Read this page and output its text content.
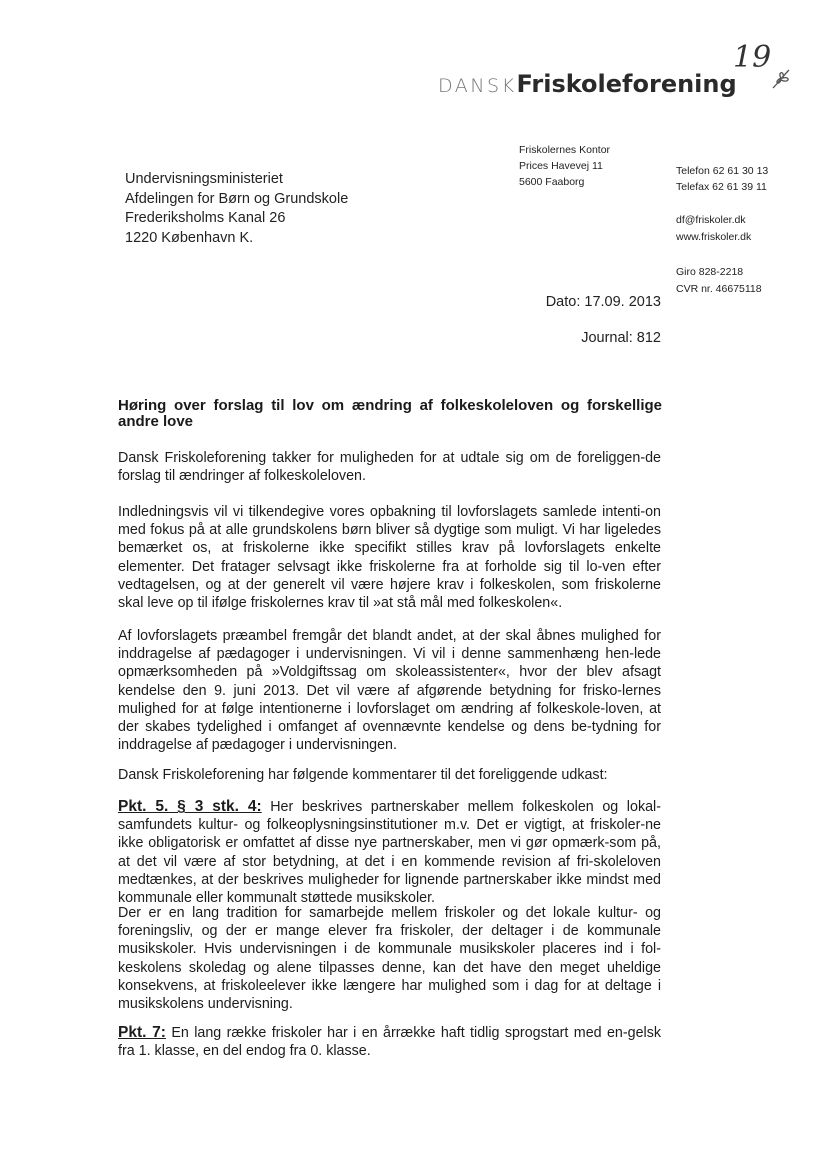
19
DANSKFriskoleforening
Friskolernes Kontor
Prices Havevej 11
5600 Faaborg
Telefon 62 61 30 13
Telefax 62 61 39 11
df@friskoler.dk
www.friskoler.dk
Giro 828-2218
CVR nr. 46675118
Undervisningsministeriet
Afdelingen for Børn og Grundskole
Frederiksholms Kanal 26
1220 København K.
Dato: 17.09. 2013
Journal: 812
Høring over forslag til lov om ændring af folkeskoleloven og forskellige andre love
Dansk Friskoleforening takker for muligheden for at udtale sig om de foreliggen-de forslag til ændringer af folkeskoleloven.
Indledningsvis vil vi tilkendegive vores opbakning til lovforslagets samlede intenti-on med fokus på at alle grundskolens børn bliver så dygtige som muligt. Vi har ligeledes bemærket os, at friskolerne ikke specifikt stilles krav på lovforslagets enkelte elementer. Det fratager selvsagt ikke friskolerne fra at forholde sig til lo-ven efter vedtagelsen, og at der generelt vil være højere krav i folkeskolen, som friskolerne skal leve op til ifølge friskolernes krav til »at stå mål med folkeskolen«.
Af lovforslagets præambel fremgår det blandt andet, at der skal åbnes mulighed for inddragelse af pædagoger i undervisningen. Vi vil i denne sammenhæng hen-lede opmærksomheden på »Voldgiftssag om skoleassistenter«, hvor der blev afsagt kendelse den 9. juni 2013. Det vil være af afgørende betydning for frisko-lernes mulighed for at følge intentionerne i lovforslaget om ændring af folkeskole-loven, at der skabes tydelighed i omfanget af ovennævnte kendelse og dens be-tydning for inddragelse af pædagoger i undervisningen.
Dansk Friskoleforening har følgende kommentarer til det foreliggende udkast:
Pkt. 5. § 3 stk. 4: Her beskrives partnerskaber mellem folkeskolen og lokal-samfundets kultur- og folkeoplysningsinstitutioner m.v. Det er vigtigt, at friskoler-ne ikke obligatorisk er omfattet af disse nye partnerskaber, men vi gør opmærk-som på, at det vil være af stor betydning, at det i en kommende revision af fri-skoleloven medtænkes, at der beskrives muligheder for lignende partnerskaber ikke mindst med kommunale eller kommunalt støttede musikskoler.
Der er en lang tradition for samarbejde mellem friskoler og det lokale kultur- og foreningsliv, og der er mange elever fra friskoler, der deltager i de kommunale musikskoler. Hvis undervisningen i de kommunale musikskoler placeres ind i fol-keskolens skoledag og alene tilpasses denne, kan det have den meget uheldige konsekvens, at friskoleelever ikke længere har mulighed som i dag for at deltage i musikskolens undervisning.
Pkt. 7: En lang række friskoler har i en årrække haft tidlig sprogstart med en-gelsk fra 1. klasse, en del endog fra 0. klasse.
